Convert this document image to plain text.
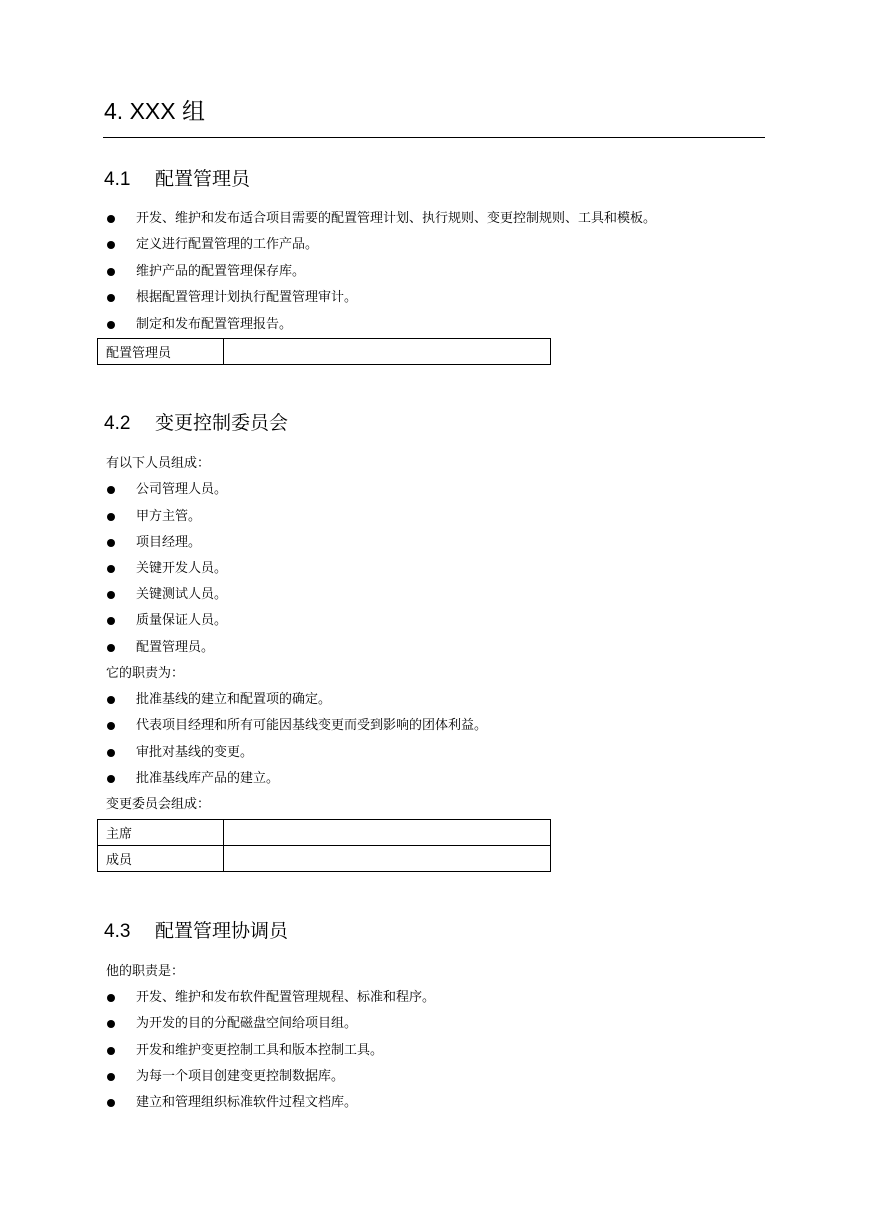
4. XXX 组
4.1 配置管理员
开发、维护和发布适合项目需要的配置管理计划、执行规则、变更控制规则、工具和模板。
定义进行配置管理的工作产品。
维护产品的配置管理保存库。
根据配置管理计划执行配置管理审计。
制定和发布配置管理报告。
配置管理员	
4.2 变更控制委员会
有以下人员组成：
公司管理人员。
甲方主管。
项目经理。
关键开发人员。
关键测试人员。
质量保证人员。
配置管理员。
它的职责为：
批准基线的建立和配置项的确定。
代表项目经理和所有可能因基线变更而受到影响的团体利益。
审批对基线的变更。
批准基线库产品的建立。
变更委员会组成：
主席	
成员	
4.3 配置管理协调员
他的职责是：
开发、维护和发布软件配置管理规程、标准和程序。
为开发的目的分配磁盘空间给项目组。
开发和维护变更控制工具和版本控制工具。
为每一个项目创建变更控制数据库。
建立和管理组织标准软件过程文档库。
